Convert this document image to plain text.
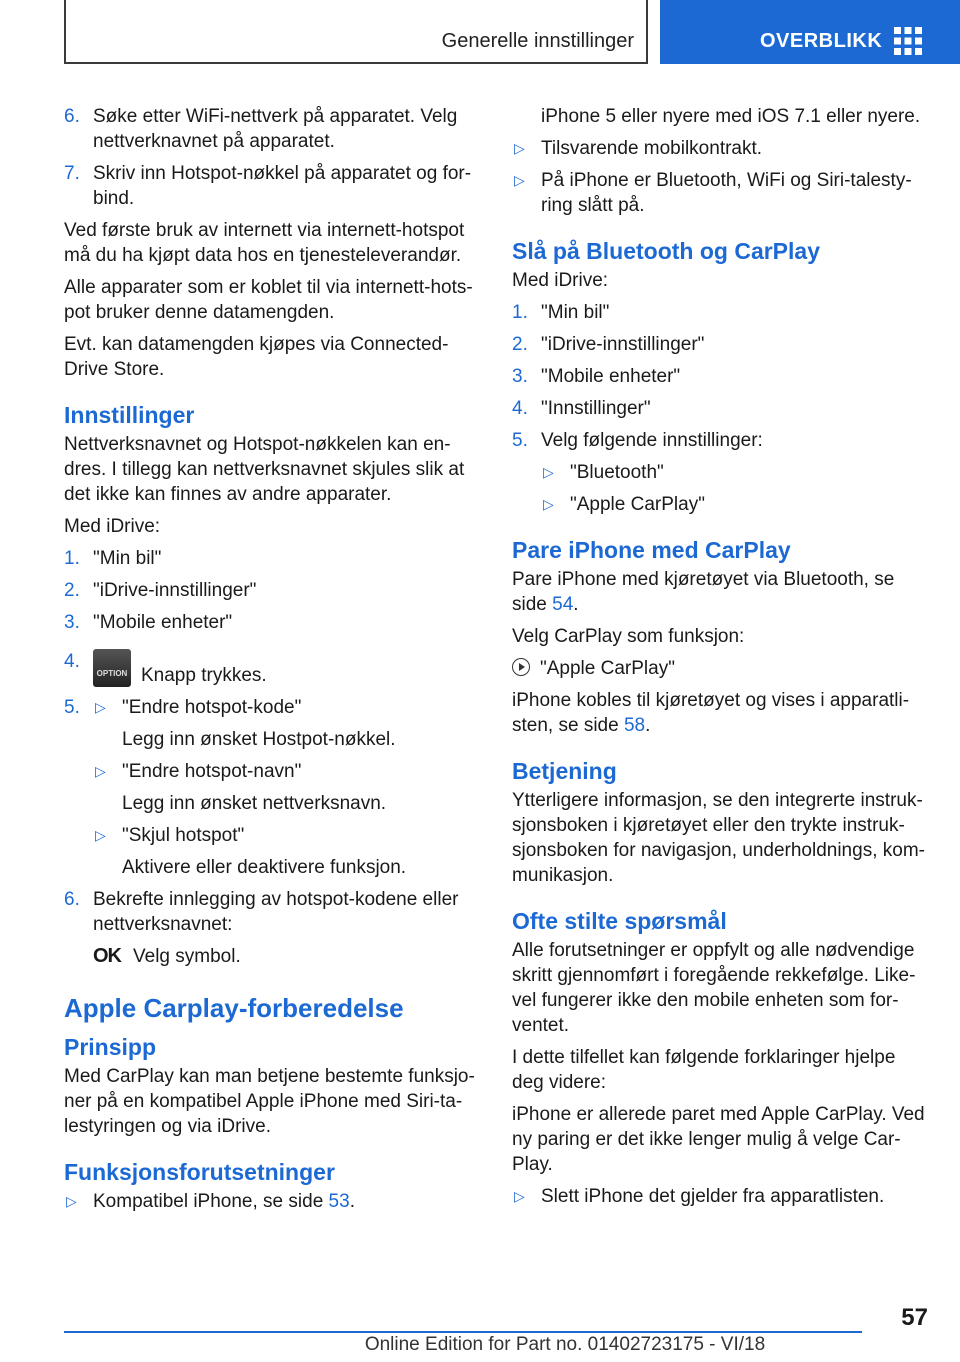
Generelle innstillinger	OVERBLIKK
6. Søke etter WiFi-nettverk på apparatet. Velg nettverknavnet på apparatet.
7. Skriv inn Hotspot-nøkkel på apparatet og for-bind.

Ved første bruk av internett via internett-hotspot må du ha kjøpt data hos en tjenesteleverandør.

Alle apparater som er koblet til via internett-hots-pot bruker denne datamengden.

Evt. kan datamengden kjøpes via Connected-Drive Store.

Innstillinger

Nettverksnavnet og Hotspot-nøkkelen kan en-dres. I tillegg kan nettverksnavnet skjules slik at det ikke kan finnes av andre apparater.

Med iDrive:

1. "Min bil"
2. "iDrive-innstillinger"
3. "Mobile enheter"
4.
OPTION Knapp trykkes.
5. ▷ "Endre hotspot-kode"
Legg inn ønsket Hostpot-nøkkel.
▷ "Endre hotspot-navn"
Legg inn ønsket nettverksnavn.
▷ "Skjul hotspot"
Aktivere eller deaktivere funksjon.
6. Bekrefte innlegging av hotspot-kodene eller nettverksnavnet:
OK Velg symbol.
Apple Carplay-forberedelse
Prinsipp

Med CarPlay kan man betjene bestemte funksjo-ner på en kompatibel Apple iPhone med Siri-ta-lestyringen og via iDrive.

Funksjonsforutsetninger
▷ Kompatibel iPhone, se side 53.
iPhone 5 eller nyere med iOS 7.1 eller nyere.
▷ Tilsvarende mobilkontrakt.
▷ På iPhone er Bluetooth, WiFi og Siri-talesty-ring slått på.
Slå på Bluetooth og CarPlay

Med iDrive:

1. "Min bil"
2. "iDrive-innstillinger"
3. "Mobile enheter"
4. "Innstillinger"
5. Velg følgende innstillinger:
▷ "Bluetooth"
▷ "Apple CarPlay"
Pare iPhone med CarPlay

Pare iPhone med kjøretøyet via Bluetooth, se side 54.

Velg CarPlay som funksjon:

"Apple CarPlay"

iPhone kobles til kjøretøyet og vises i apparatli-sten, se side 58.

Betjening

Ytterligere informasjon, se den integrerte instruk-sjonsboken i kjøretøyet eller den trykte instruk-sjonsboken for navigasjon, underholdnings, kom-munikasjon.

Ofte stilte spørsmål

Alle forutsetninger er oppfylt og alle nødvendige skritt gjennomført i foregående rekkefølge. Like-vel fungerer ikke den mobile enheten som for-ventet.

I dette tilfellet kan følgende forklaringer hjelpe deg videre:

iPhone er allerede paret med Apple CarPlay. Ved ny paring er det ikke lenger mulig å velge Car-Play.

▷ Slett iPhone det gjelder fra apparatlisten.
57
Online Edition for Part no. 01402723175 - VI/18
